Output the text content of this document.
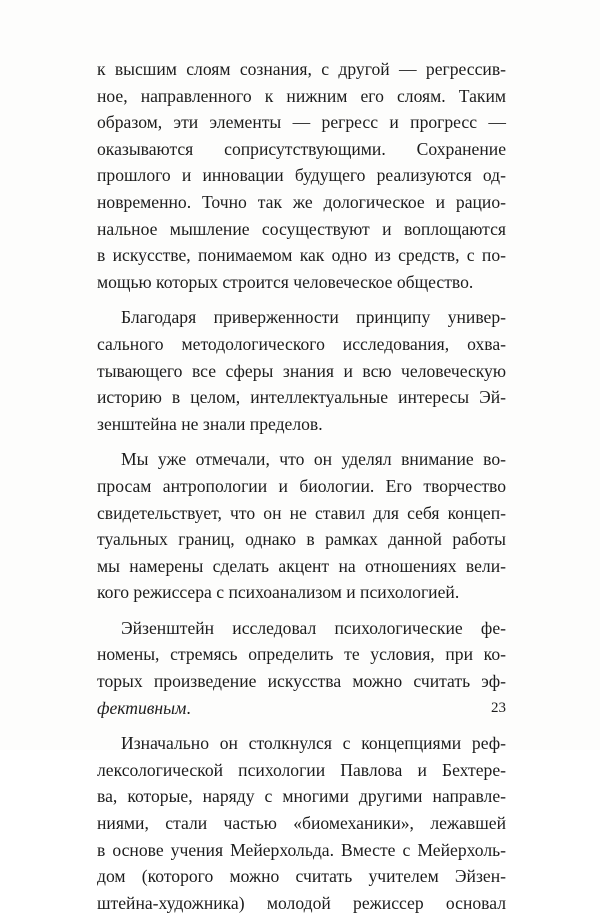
к высшим слоям сознания, с другой — регрессив-
ное, направленного к нижним его слоям. Таким
образом, эти элементы — регресс и прогресс —
оказываются соприсутствующими. Сохранение
прошлого и инновации будущего реализуются од-
новременно. Точно так же дологическое и рацио-
нальное мышление сосуществуют и воплощаются
в искусстве, понимаемом как одно из средств, с по-
мощью которых строится человеческое общество.
Благодаря приверженности принципу универ-
сального методологического исследования, охва-
тывающего все сферы знания и всю человеческую
историю в целом, интеллектуальные интересы Эй-
зенштейна не знали пределов.
Мы уже отмечали, что он уделял внимание во-
просам антропологии и биологии. Его творчество
свидетельствует, что он не ставил для себя концеп-
туальных границ, однако в рамках данной работы
мы намерены сделать акцент на отношениях вели-
кого режиссера с психоанализом и психологией.
Эйзенштейн исследовал психологические фе-
номены, стремясь определить те условия, при ко-
торых произведение искусства можно считать эф-
фективным.
Изначально он столкнулся с концепциями реф-
лексологической психологии Павлова и Бехтере-
ва, которые, наряду с многими другими направле-
ниями, стали частью «биомеханики», лежавшей
в основе учения Мейерхольда. Вместе с Мейерхоль-
дом (которого можно считать учителем Эйзен-
штейна-художника) молодой режиссер основал
23
